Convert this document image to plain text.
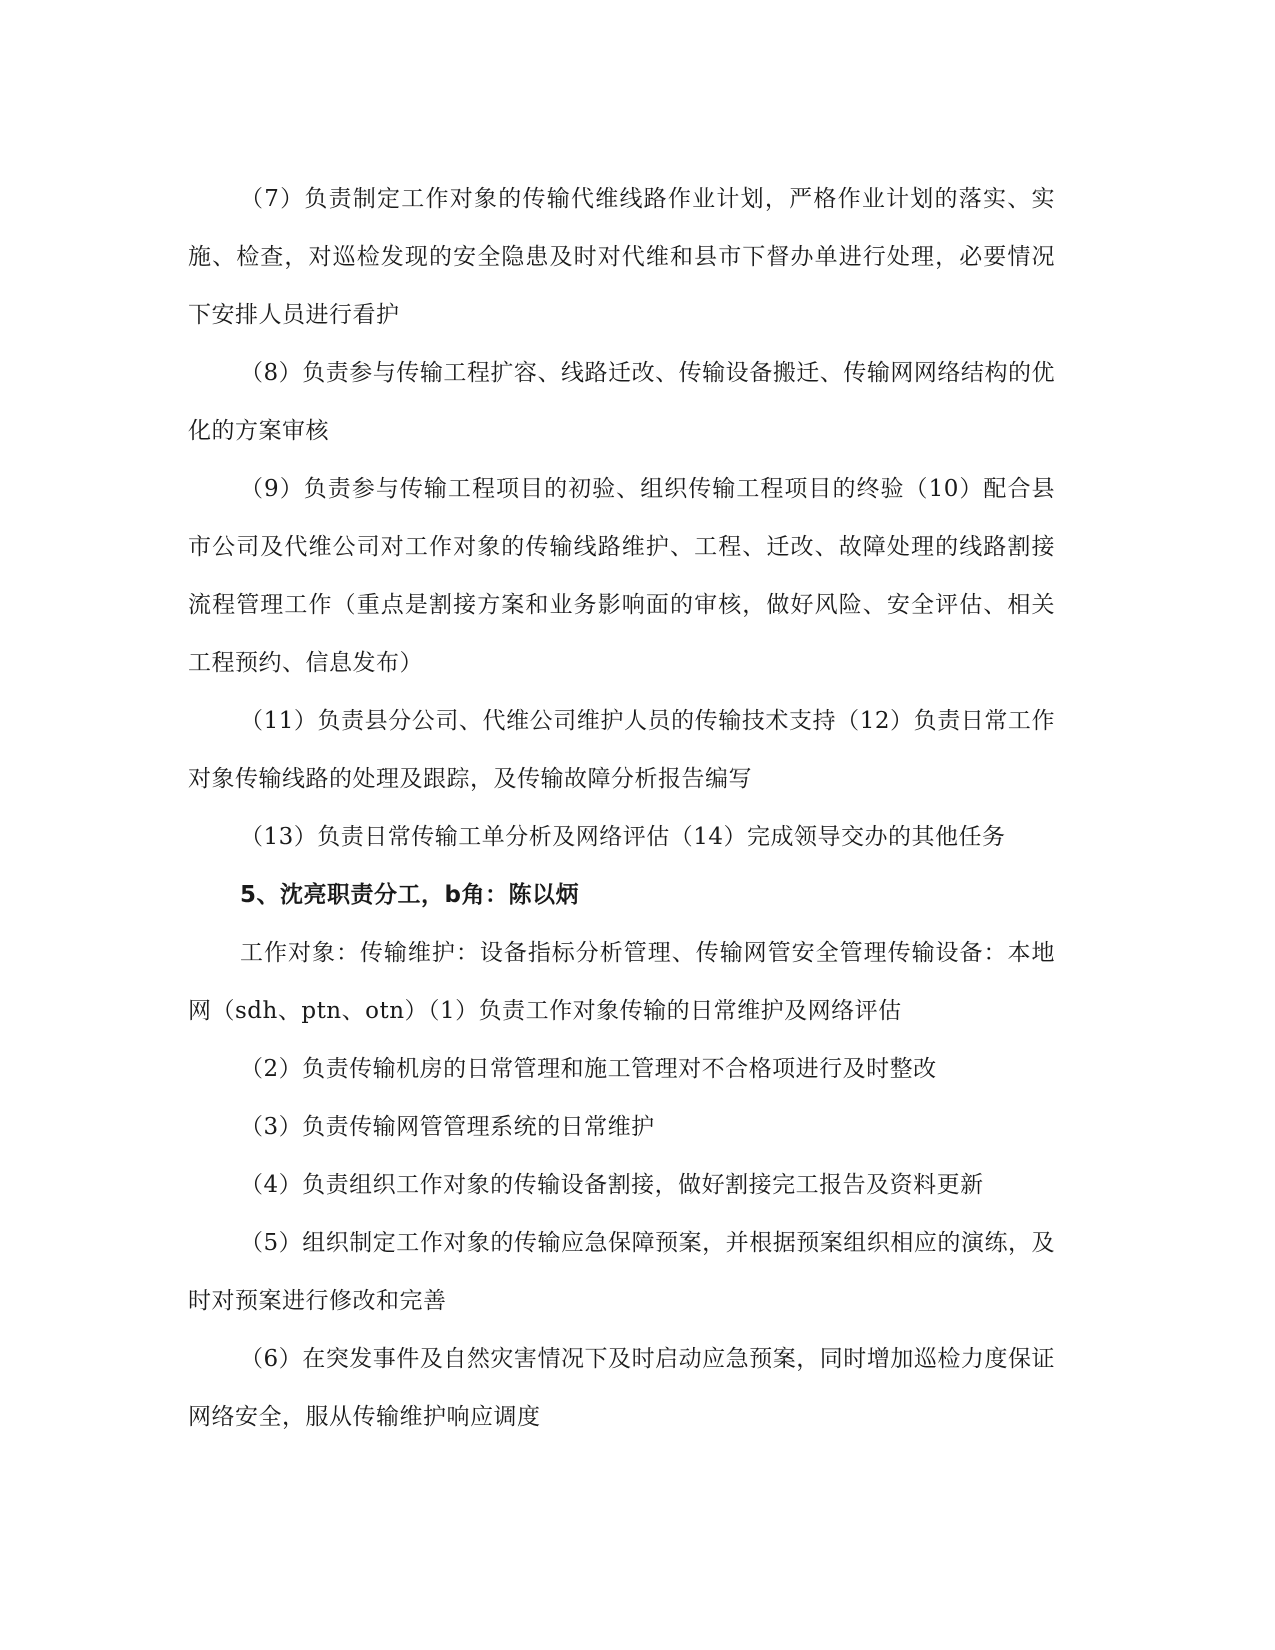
（7）负责制定工作对象的传输代维线路作业计划，严格作业计划的落实、实施、检查，对巡检发现的安全隐患及时对代维和县市下督办单进行处理，必要情况下安排人员进行看护

（8）负责参与传输工程扩容、线路迁改、传输设备搬迁、传输网网络结构的优化的方案审核

（9）负责参与传输工程项目的初验、组织传输工程项目的终验（10）配合县市公司及代维公司对工作对象的传输线路维护、工程、迁改、故障处理的线路割接流程管理工作（重点是割接方案和业务影响面的审核，做好风险、安全评估、相关工程预约、信息发布）

（11）负责县分公司、代维公司维护人员的传输技术支持（12）负责日常工作对象传输线路的处理及跟踪，及传输故障分析报告编写

（13）负责日常传输工单分析及网络评估（14）完成领导交办的其他任务

5、沈亮职责分工，b角：陈以炳

工作对象：传输维护：设备指标分析管理、传输网管安全管理传输设备：本地网（sdh、ptn、otn）（1）负责工作对象传输的日常维护及网络评估

（2）负责传输机房的日常管理和施工管理对不合格项进行及时整改

（3）负责传输网管管理系统的日常维护

（4）负责组织工作对象的传输设备割接，做好割接完工报告及资料更新

（5）组织制定工作对象的传输应急保障预案，并根据预案组织相应的演练，及时对预案进行修改和完善

（6）在突发事件及自然灾害情况下及时启动应急预案，同时增加巡检力度保证网络安全，服从传输维护响应调度
